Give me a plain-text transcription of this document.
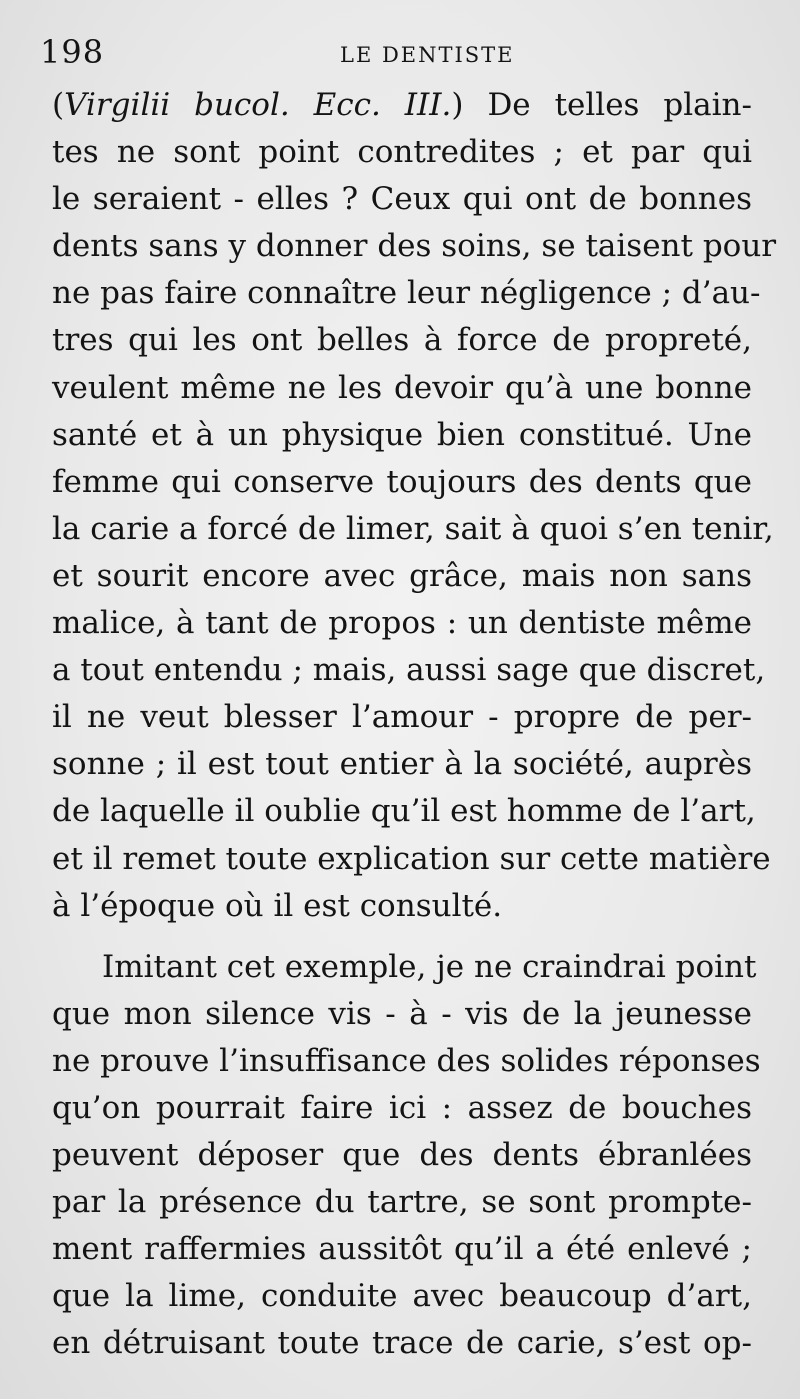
198	LE DENTISTE
(Virgilii bucol. Ecc. III.) De telles plain-
tes ne sont point contredites ; et par qui
le seraient - elles ? Ceux qui ont de bonnes
dents sans y donner des soins, se taisent pour
ne pas faire connaître leur négligence ; d’au-
tres qui les ont belles à force de propreté,
veulent même ne les devoir qu’à une bonne
santé et à un physique bien constitué. Une
femme qui conserve toujours des dents que
la carie a forcé de limer, sait à quoi s’en tenir,
et sourit encore avec grâce, mais non sans
malice, à tant de propos : un dentiste même
a tout entendu ; mais, aussi sage que discret,
il ne veut blesser l’amour - propre de per-
sonne ; il est tout entier à la société, auprès
de laquelle il oublie qu’il est homme de l’art,
et il remet toute explication sur cette matière
à l’époque où il est consulté.
Imitant cet exemple, je ne craindrai point
que mon silence vis - à - vis de la jeunesse
ne prouve l’insuffisance des solides réponses
qu’on pourrait faire ici : assez de bouches
peuvent déposer que des dents ébranlées
par la présence du tartre, se sont prompte-
ment raffermies aussitôt qu’il a été enlevé ;
que la lime, conduite avec beaucoup d’art,
en détruisant toute trace de carie, s’est op-
